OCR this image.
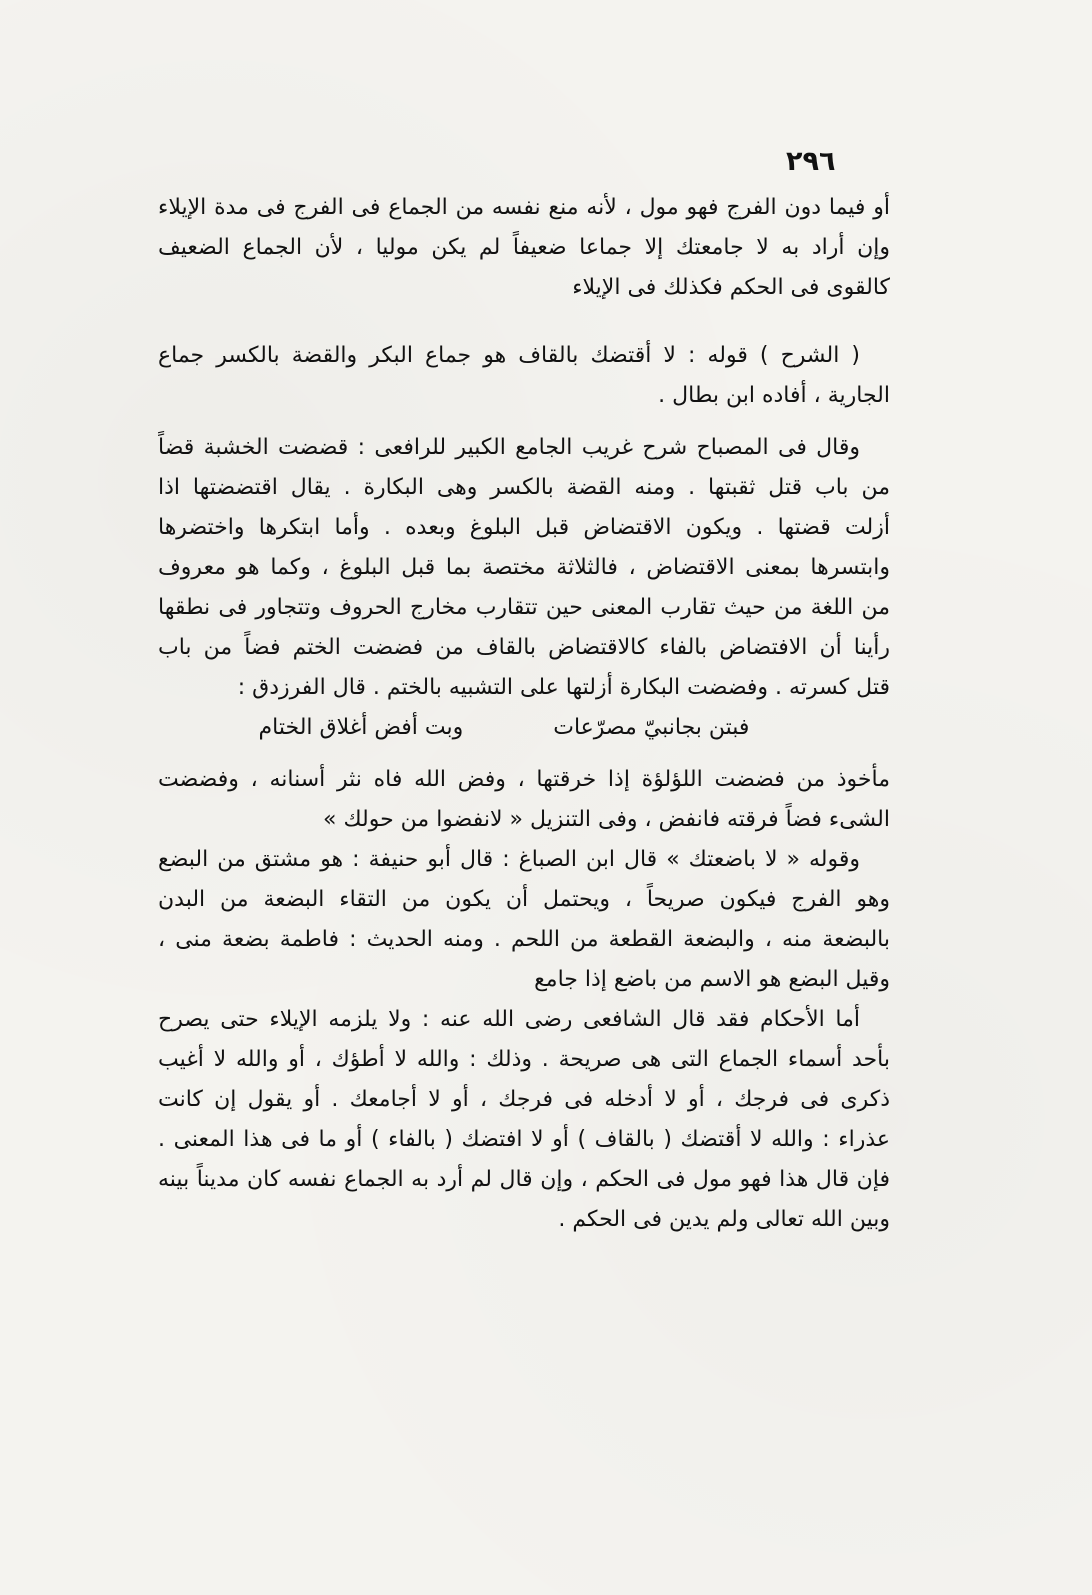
٢٩٦
أو فيما دون الفرج فهو مول ، لأنه منع نفسه من الجماع فى الفرج فى مدة الإيلاء
وإن أراد به لا جامعتك إلا جماعا ضعيفاً لم يكن موليا ، لأن الجماع الضعيف
كالقوى فى الحكم فكذلك فى الإيلاء
( الشرح ) قوله : لا أقتضك بالقاف هو جماع البكر والقضة بالكسر جماع
الجارية ، أفاده ابن بطال .
وقال فى المصباح شرح غريب الجامع الكبير للرافعى : قضضت الخشبة قضاً
من باب قتل ثقبتها . ومنه القضة بالكسر وهى البكارة . يقال اقتضضتها اذا
أزلت قضتها . ويكون الاقتضاض قبل البلوغ وبعده . وأما ابتكرها واختضرها
وابتسرها بمعنى الاقتضاض ، فالثلاثة مختصة بما قبل البلوغ ، وكما هو معروف
من اللغة من حيث تقارب المعنى حين تتقارب مخارج الحروف وتتجاور فى نطقها
رأينا أن الافتضاض بالفاء كالاقتضاض بالقاف من فضضت الختم فضاً من باب
قتل كسرته . وفضضت البكارة أزلتها على التشبيه بالختم . قال الفرزدق :
فبتن بجانبيّ مصرّعات
وبت أفض أغلاق الختام
مأخوذ من فضضت اللؤلؤة إذا خرقتها ، وفض الله فاه نثر أسنانه ، وفضضت
الشىء فضاً فرقته فانفض ، وفى التنزيل « لانفضوا من حولك »
وقوله « لا باضعتك » قال ابن الصباغ : قال أبو حنيفة : هو مشتق من البضع
وهو الفرج فيكون صريحاً ، ويحتمل أن يكون من التقاء البضعة من البدن
بالبضعة منه ، والبضعة القطعة من اللحم . ومنه الحديث : فاطمة بضعة منى ،
وقيل البضع هو الاسم من باضع إذا جامع
أما الأحكام فقد قال الشافعى رضى الله عنه : ولا يلزمه الإيلاء حتى يصرح
بأحد أسماء الجماع التى هى صريحة . وذلك : والله لا أطؤك ، أو والله لا أغيب
ذكرى فى فرجك ، أو لا أدخله فى فرجك ، أو لا أجامعك . أو يقول إن كانت
عذراء : والله لا أقتضك ( بالقاف ) أو لا افتضك ( بالفاء ) أو ما فى هذا المعنى .
فإن قال هذا فهو مول فى الحكم ، وإن قال لم أرد به الجماع نفسه كان مديناً بينه
وبين الله تعالى ولم يدين فى الحكم .
